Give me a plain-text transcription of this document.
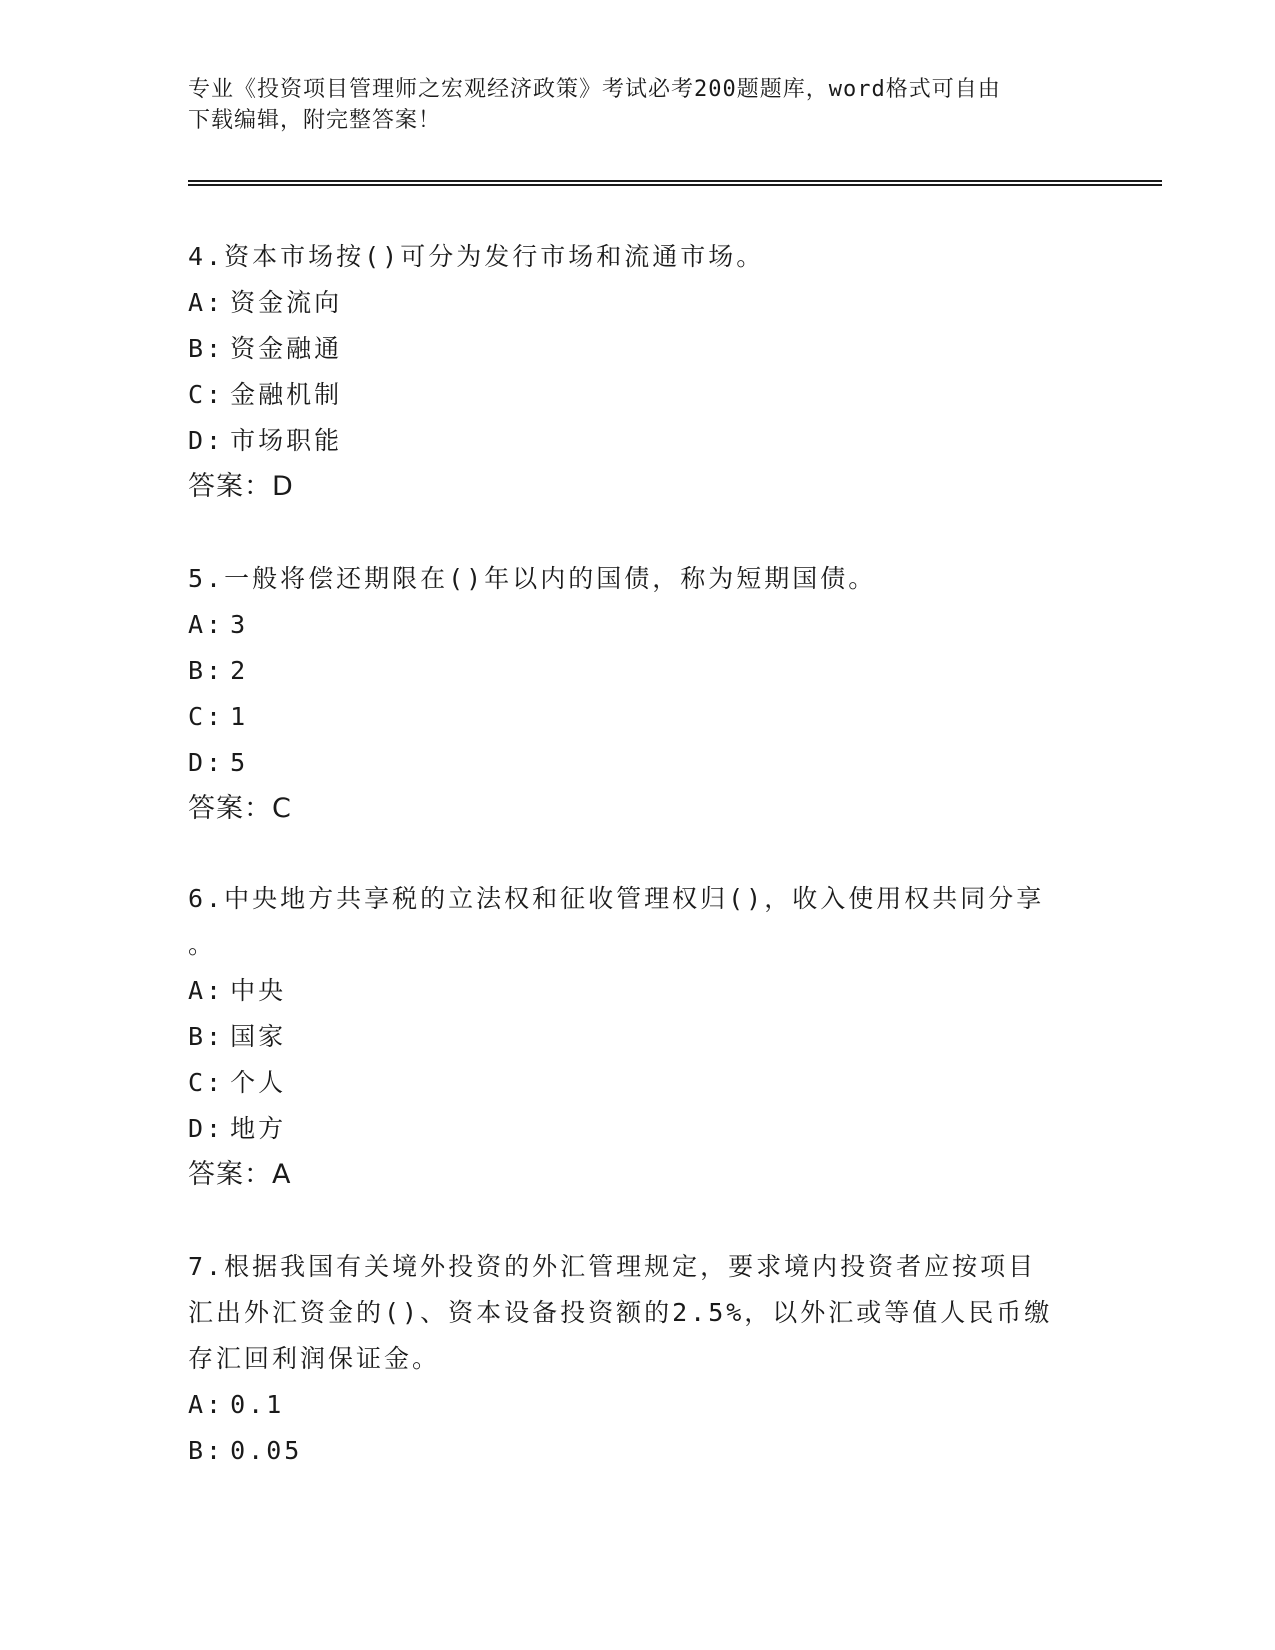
专业《投资项目管理师之宏观经济政策》考试必考200题题库，word格式可自由
下载编辑，附完整答案！

4.资本市场按()可分为发行市场和流通市场。

A: 资金流向

B: 资金融通

C: 金融机制

D: 市场职能

答案：D

5.一般将偿还期限在()年以内的国债，称为短期国债。

A: 3

B: 2

C: 1

D: 5

答案：C

6.中央地方共享税的立法权和征收管理权归()，收入使用权共同分享

。

A: 中央

B: 国家

C: 个人

D: 地方

答案：A

7.根据我国有关境外投资的外汇管理规定，要求境内投资者应按项目

汇出外汇资金的()、资本设备投资额的2.5%，以外汇或等值人民币缴

存汇回利润保证金。

A: 0.1

B: 0.05
